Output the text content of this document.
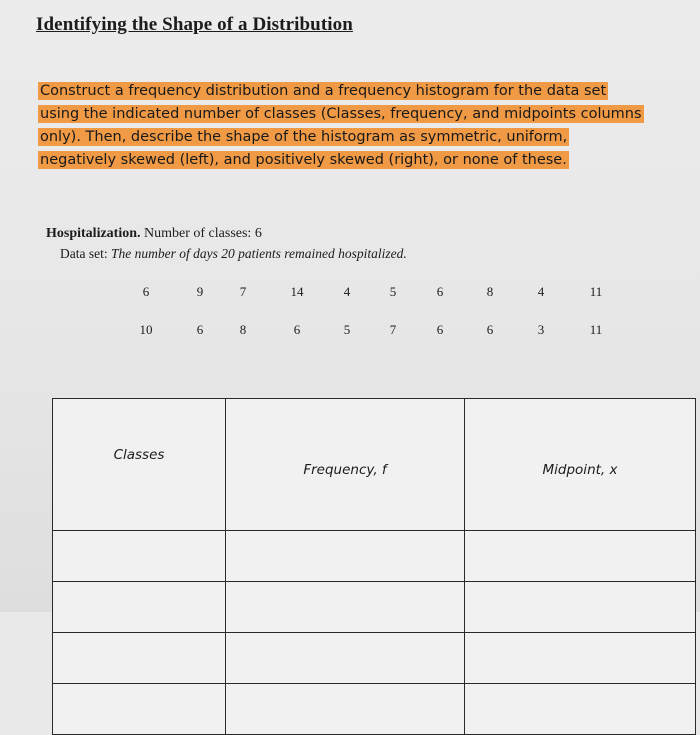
Identifying the Shape of a Distribution
Construct a frequency distribution and a frequency histogram for the data set
using the indicated number of classes (Classes, frequency, and midpoints columns
only). Then, describe the shape of the histogram as symmetric, uniform,
negatively skewed (left), and positively skewed (right), or none of these.
Hospitalization. Number of classes: 6
Data set: The number of days 20 patients remained hospitalized.
6	9	7	14	4	5	6	8	4	11
10	6	8	6	5	7	6	6	3	11
Classes	Frequency, f	Midpoint, x
